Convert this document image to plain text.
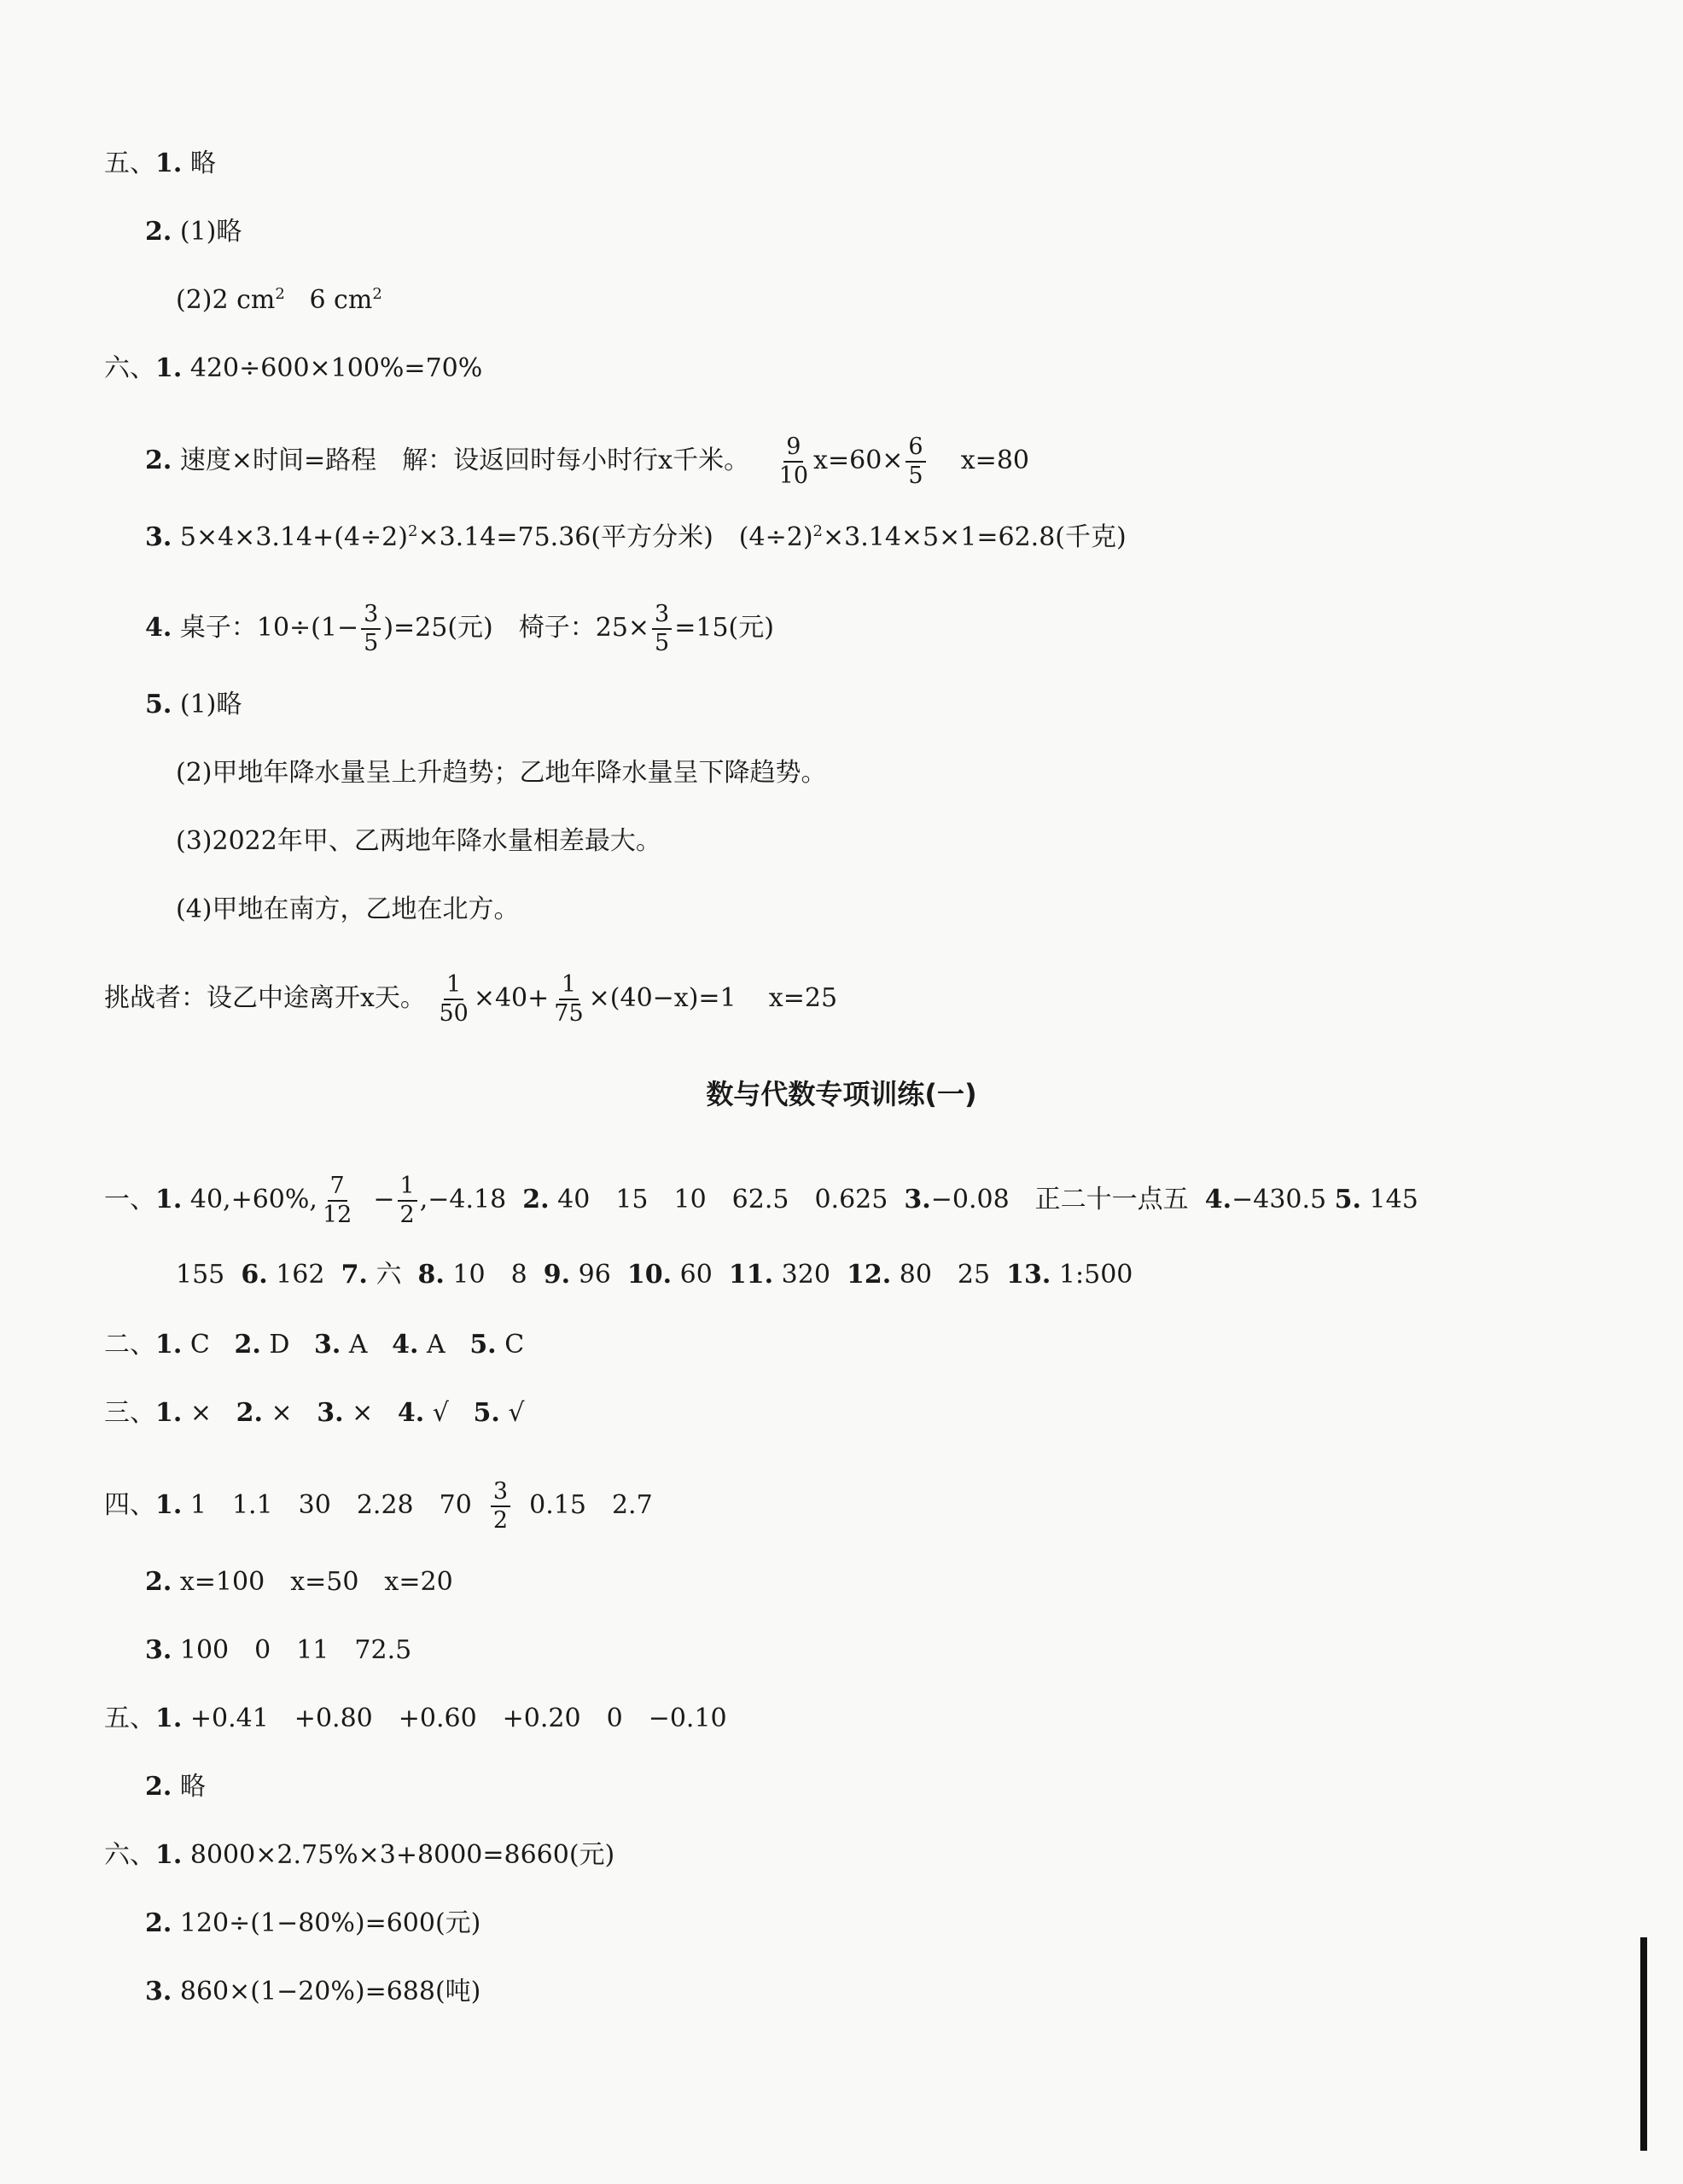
五、1. 略
2. (1)略
(2)2 $cm^2$ 6 $cm^2$
六、1. 420÷600×100%=70%
2. 速度×时间=路程　解：设返回时每小时行x千米。 $\frac{9}{10} x=60\times \frac{6}{5} x=80$
3. $5\times 4\times 3.14+(4\div 2)^2\times 3.14=75.36$(平方分米)　$(4\div 2)^2\times 3.14\times 5\times 1=62.8$(千克)
4. 桌子：$10\div(1- \frac{3}{5} )=25$(元)　椅子：$25\times \frac{3}{5} =15$(元)
5. (1)略
(2)甲地年降水量呈上升趋势；乙地年降水量呈下降趋势。
(3)2022年甲、乙两地年降水量相差最大。
(4)甲地在南方，乙地在北方。
挑战者：设乙中途离开x天。 $\frac{1}{50} \times 40+ \frac{1}{75} \times(40-x)=1$ x=25
数与代数专项训练(一)
一、1. 40,+60%, $\frac{7}{12} - \frac{1}{2} ,-4.18$ 2. 40　15　10　62.5　0.625 3.−0.08　正二十一点五 4.−430.5 5. 145
155 6. 162 7. 六 8. 10　8 9. 96 10. 60 11. 320 12. 80　25 13. 1:500
二、1. C 2. D 3. A 4. A 5. C
三、1. × 2. × 3. × 4. √ 5. √
四、1. 1　1.1　30　2.28　$70 \frac{3}{2} 0.15$　2.7
2. x=100　x=50　x=20
3. 100　0　11　72.5
五、1. +0.41　+0.80　+0.60　+0.20　0　−0.10
2. 略
六、1. 8000×2.75%×3+8000=8660(元)
2. 120÷(1−80%)=600(元)
3. 860×(1−20%)=688(吨)
